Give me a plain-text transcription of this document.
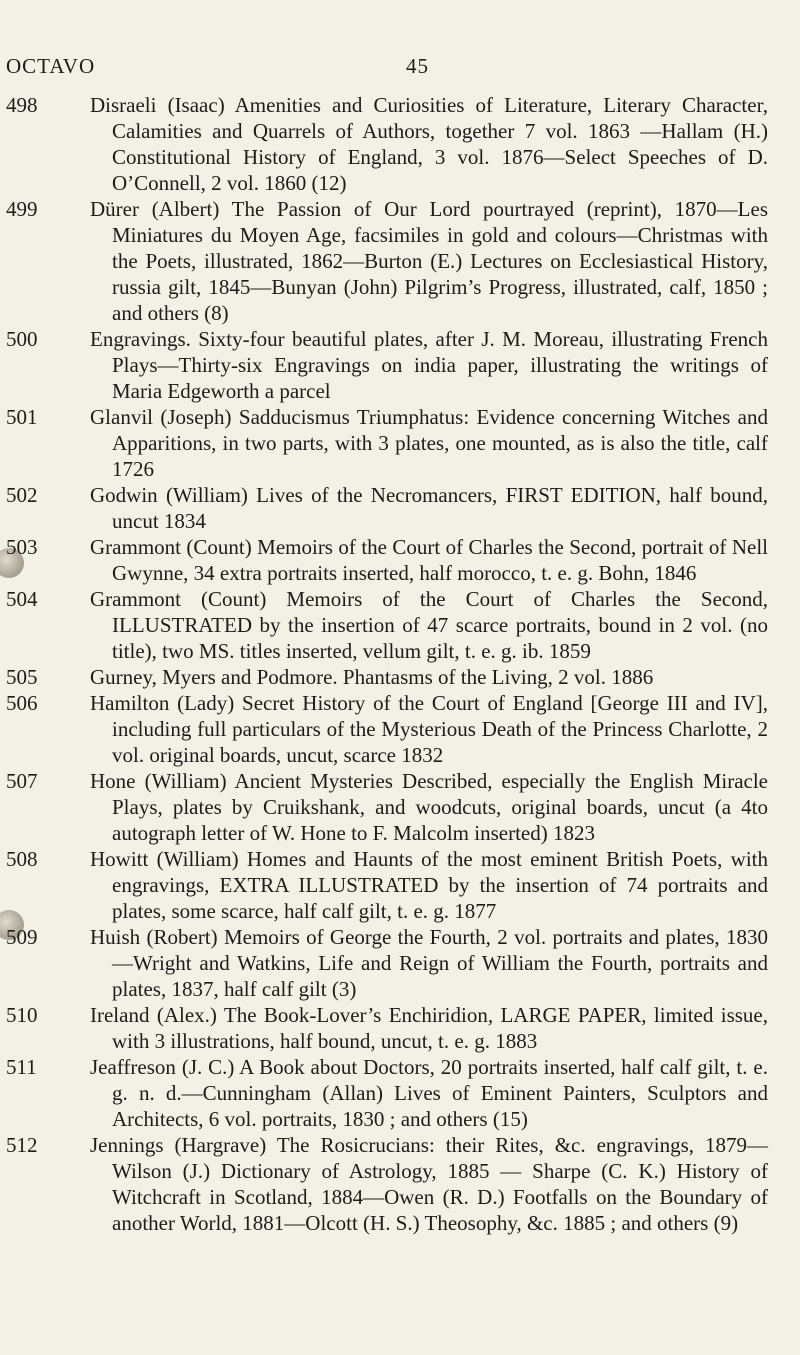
OCTAVO	45
498	Disraeli (Isaac) Amenities and Curiosities of Literature, Literary Character, Calamities and Quarrels of Authors, together 7 vol. 1863 —Hallam (H.) Constitutional History of England, 3 vol. 1876—Select Speeches of D. O’Connell, 2 vol. 1860 (12)
499	Dürer (Albert) The Passion of Our Lord pourtrayed (reprint), 1870—Les Miniatures du Moyen Age, facsimiles in gold and colours—Christmas with the Poets, illustrated, 1862—Burton (E.) Lectures on Ecclesiastical History, russia gilt, 1845—Bunyan (John) Pilgrim’s Progress, illustrated, calf, 1850 ; and others (8)
500	Engravings. Sixty-four beautiful plates, after J. M. Moreau, illustrating French Plays—Thirty-six Engravings on india paper, illustrating the writings of Maria Edgeworth a parcel
501	Glanvil (Joseph) Sadducismus Triumphatus: Evidence concerning Witches and Apparitions, in two parts, with 3 plates, one mounted, as is also the title, calf 1726
502	Godwin (William) Lives of the Necromancers, FIRST EDITION, half bound, uncut 1834
503	Grammont (Count) Memoirs of the Court of Charles the Second, portrait of Nell Gwynne, 34 extra portraits inserted, half morocco, t. e. g. Bohn, 1846
504	Grammont (Count) Memoirs of the Court of Charles the Second, ILLUSTRATED by the insertion of 47 scarce portraits, bound in 2 vol. (no title), two MS. titles inserted, vellum gilt, t. e. g. ib. 1859
505	Gurney, Myers and Podmore. Phantasms of the Living, 2 vol. 1886
506	Hamilton (Lady) Secret History of the Court of England [George III and IV], including full particulars of the Mysterious Death of the Princess Charlotte, 2 vol. original boards, uncut, scarce 1832
507	Hone (William) Ancient Mysteries Described, especially the English Miracle Plays, plates by Cruikshank, and woodcuts, original boards, uncut (a 4to autograph letter of W. Hone to F. Malcolm inserted) 1823
508	Howitt (William) Homes and Haunts of the most eminent British Poets, with engravings, EXTRA ILLUSTRATED by the insertion of 74 portraits and plates, some scarce, half calf gilt, t. e. g. 1877
509	Huish (Robert) Memoirs of George the Fourth, 2 vol. portraits and plates, 1830—Wright and Watkins, Life and Reign of William the Fourth, portraits and plates, 1837, half calf gilt (3)
510	Ireland (Alex.) The Book-Lover’s Enchiridion, LARGE PAPER, limited issue, with 3 illustrations, half bound, uncut, t. e. g. 1883
511	Jeaffreson (J. C.) A Book about Doctors, 20 portraits inserted, half calf gilt, t. e. g. n. d.—Cunningham (Allan) Lives of Eminent Painters, Sculptors and Architects, 6 vol. portraits, 1830 ; and others (15)
512	Jennings (Hargrave) The Rosicrucians: their Rites, &c. engravings, 1879—Wilson (J.) Dictionary of Astrology, 1885 — Sharpe (C. K.) History of Witchcraft in Scotland, 1884—Owen (R. D.) Footfalls on the Boundary of another World, 1881—Olcott (H. S.) Theosophy, &c. 1885 ; and others (9)
